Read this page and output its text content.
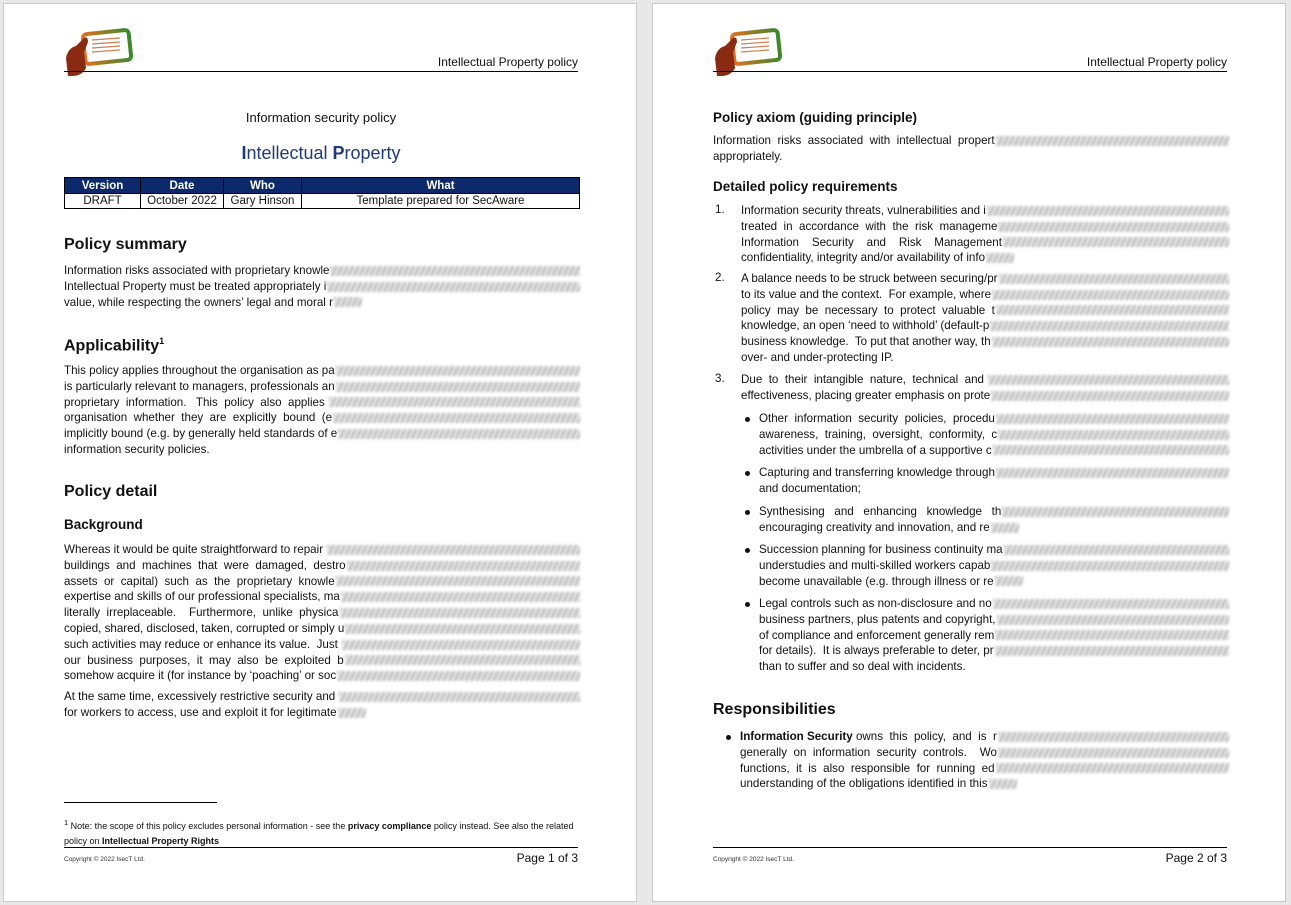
Intellectual Property policy
Information security policy
Intellectual Property
Version	Date	Who	What
DRAFT	October 2022	Gary Hinson	Template prepared for SecAware
Policy summary
Information risks associated with proprietary knowle
Intellectual Property must be treated appropriately i
value, while respecting the owners’ legal and moral r
Applicability$^1$
This policy applies throughout the organisation as pa
is particularly relevant to managers, professionals an
proprietary  information.   This  policy  also  applies
organisation  whether  they  are  explicitly  bound  (e
implicitly bound (e.g. by generally held standards of e
information security policies.
Policy detail
Background
Whereas it would be quite straightforward to repair
buildings  and  machines  that  were  damaged,  destro
assets  or  capital)  such  as  the  proprietary  knowle
expertise and skills of our professional specialists, ma
literally  irreplaceable.    Furthermore,  unlike  physica
copied, shared, disclosed, taken, corrupted or simply u
such activities may reduce or enhance its value.  Just
our  business  purposes,  it  may  also  be  exploited  b
somehow acquire it (for instance by ‘poaching’ or soc
At the same time, excessively restrictive security and
for workers to access, use and exploit it for legitimate
$^1$ Note: the scope of this policy excludes personal information - see the privacy compliance policy instead. See also the related policy on Intellectual Property Rights
Copyright © 2022 IsecT Ltd.	Page 1 of 3
Intellectual Property policy
Policy axiom (guiding principle)
Information  risks  associated  with  intellectual  propert
appropriately.
Detailed policy requirements
1. Information security threats, vulnerabilities and i
treated  in  accordance  with  the  risk  manageme
Information    Security    and    Risk    Management
confidentiality, integrity and/or availability of info
2. A balance needs to be struck between securing/pr
to its value and the context.  For example, where
policy  may  be  necessary  to  protect  valuable  t
knowledge, an open ‘need to withhold’ (default-p
business knowledge.  To put that another way, th
over- and under-protecting IP.
3. Due  to  their  intangible  nature,  technical  and
effectiveness, placing greater emphasis on prote
Other  information  security  policies,  procedu
awareness,  training,  oversight,  conformity,  c
activities under the umbrella of a supportive c
Capturing and transferring knowledge through
and documentation;
Synthesising   and   enhancing   knowledge   th
encouraging creativity and innovation, and re
Succession planning for business continuity ma
understudies and multi-skilled workers capab
become unavailable (e.g. through illness or re
Legal controls such as non-disclosure and no
business partners, plus patents and copyright,
of compliance and enforcement generally rem
for details).  It is always preferable to deter, pr
than to suffer and so deal with incidents.
Responsibilities
Information Security owns  this  policy,  and  is  r
generally  on  information  security  controls.    Wo
functions,  it  is  also  responsible  for  running  ed
understanding of the obligations identified in this
Copyright © 2022 IsecT Ltd.	Page 2 of 3
